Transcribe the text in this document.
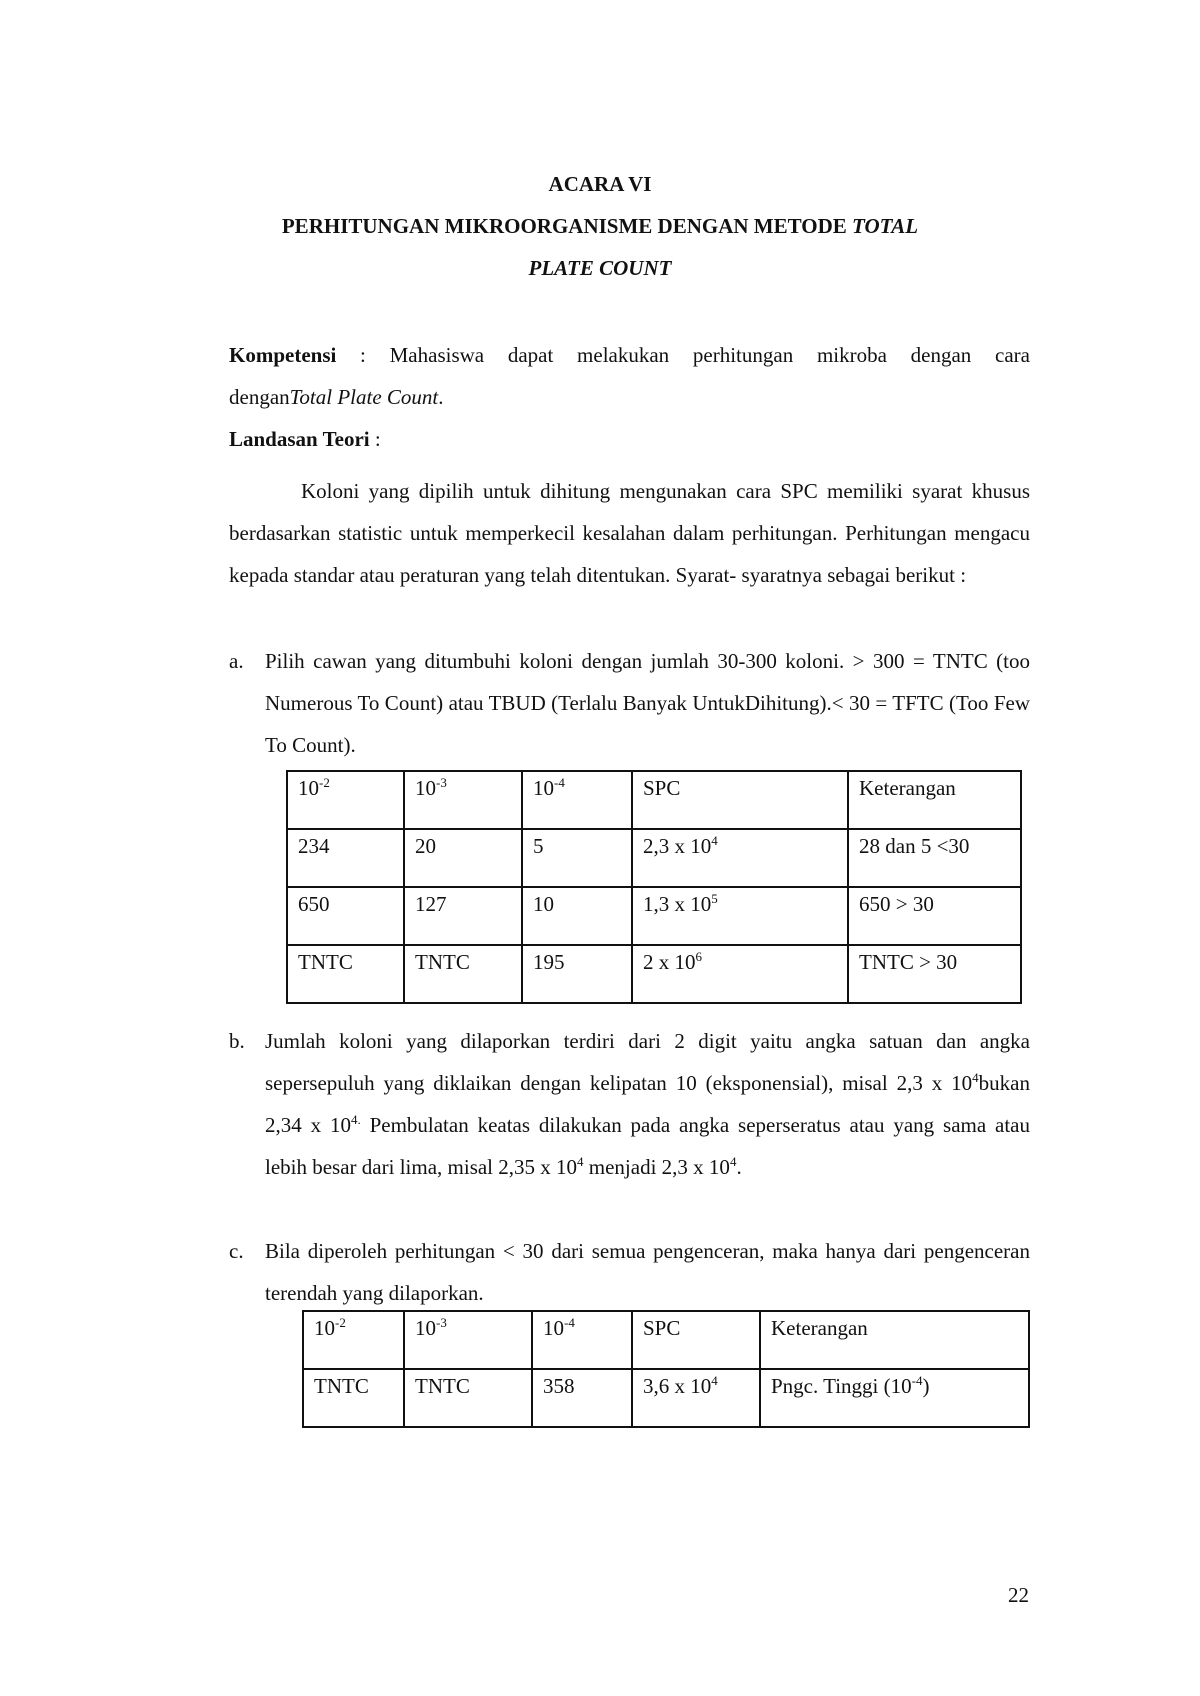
ACARA VI

PERHITUNGAN MIKROORGANISME DENGAN METODE TOTAL

PLATE COUNT

Kompetensi : Mahasiswa dapat melakukan perhitungan mikroba dengan cara
denganTotal Plate Count.
Landasan Teori :
Koloni yang dipilih untuk dihitung mengunakan cara SPC memiliki syarat khusus berdasarkan statistic untuk memperkecil kesalahan dalam perhitungan. Perhitungan mengacu kepada standar atau peraturan yang telah ditentukan. Syarat- syaratnya sebagai berikut :
a. Pilih cawan yang ditumbuhi koloni dengan jumlah 30-300 koloni. > 300 = TNTC (too Numerous To Count) atau TBUD (Terlalu Banyak UntukDihitung).< 30 = TFTC (Too Few To Count).
$10^{-2}$	$10^{-3}$	$10^{-4}$	SPC	Keterangan
234	20	5	2,3 x $10^4$	28 dan 5 <30
650	127	10	1,3 x $10^5$	650 > 30
TNTC	TNTC	195	2 x $10^6$	TNTC > 30
b. Jumlah koloni yang dilaporkan terdiri dari 2 digit yaitu angka satuan dan angka sepersepuluh yang diklaikan dengan kelipatan 10 (eksponensial), misal 2,3 x $10^4bukan$ 2,34 x $10^{4.}$ Pembulatan keatas dilakukan pada angka seperseratus atau yang sama atau lebih besar dari lima, misal 2,35 x $10^4$ menjadi 2,3 x $10^4$.
c. Bila diperoleh perhitungan < 30 dari semua pengenceran, maka hanya dari pengenceran terendah yang dilaporkan.
$10^{-2}$	$10^{-3}$	$10^{-4}$	SPC	Keterangan
TNTC	TNTC	358	3,6 x $10^4$	Pngc. Tinggi $(10^{-4})$
22
